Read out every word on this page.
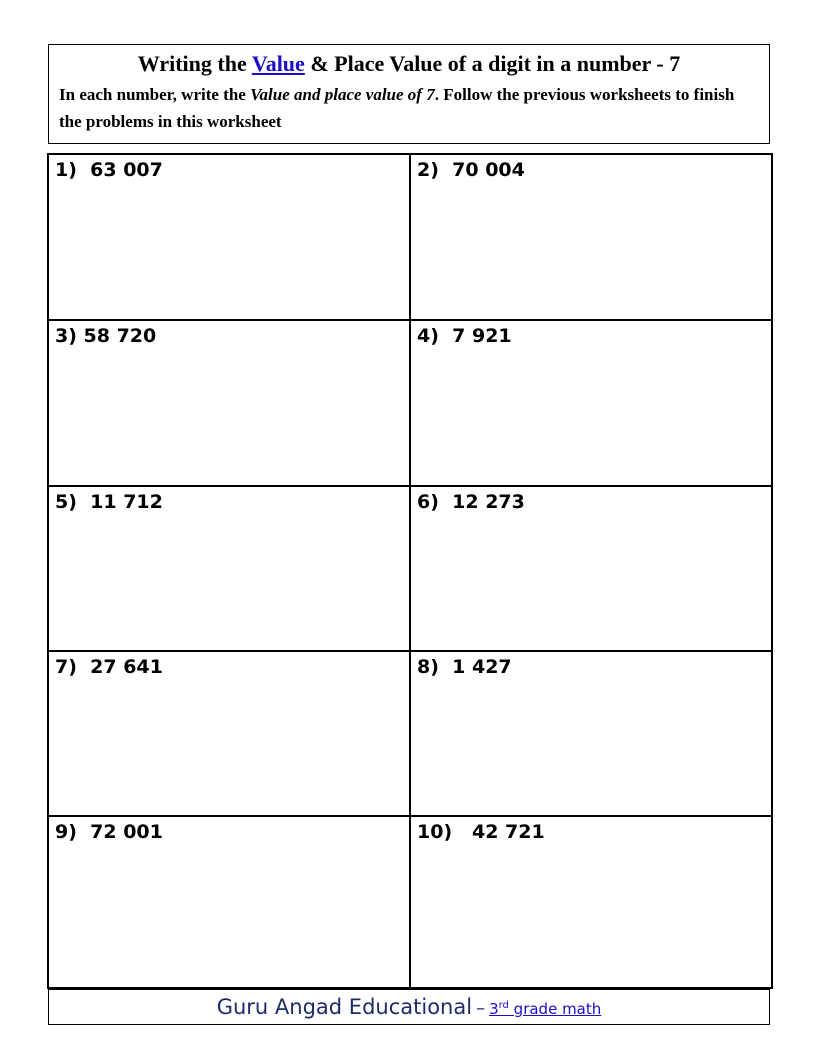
Writing the Value & Place Value of a digit in a number - 7
In each number, write the Value and place value of 7. Follow the previous worksheets to finish the problems in this worksheet
1)  63 007	2)  70 004
3) 58 720	4)  7 921
5)  11 712	6)  12 273
7)  27 641	8)  1 427
9)  72 001	10)   42 721
Guru Angad Educational – 3rd grade math
